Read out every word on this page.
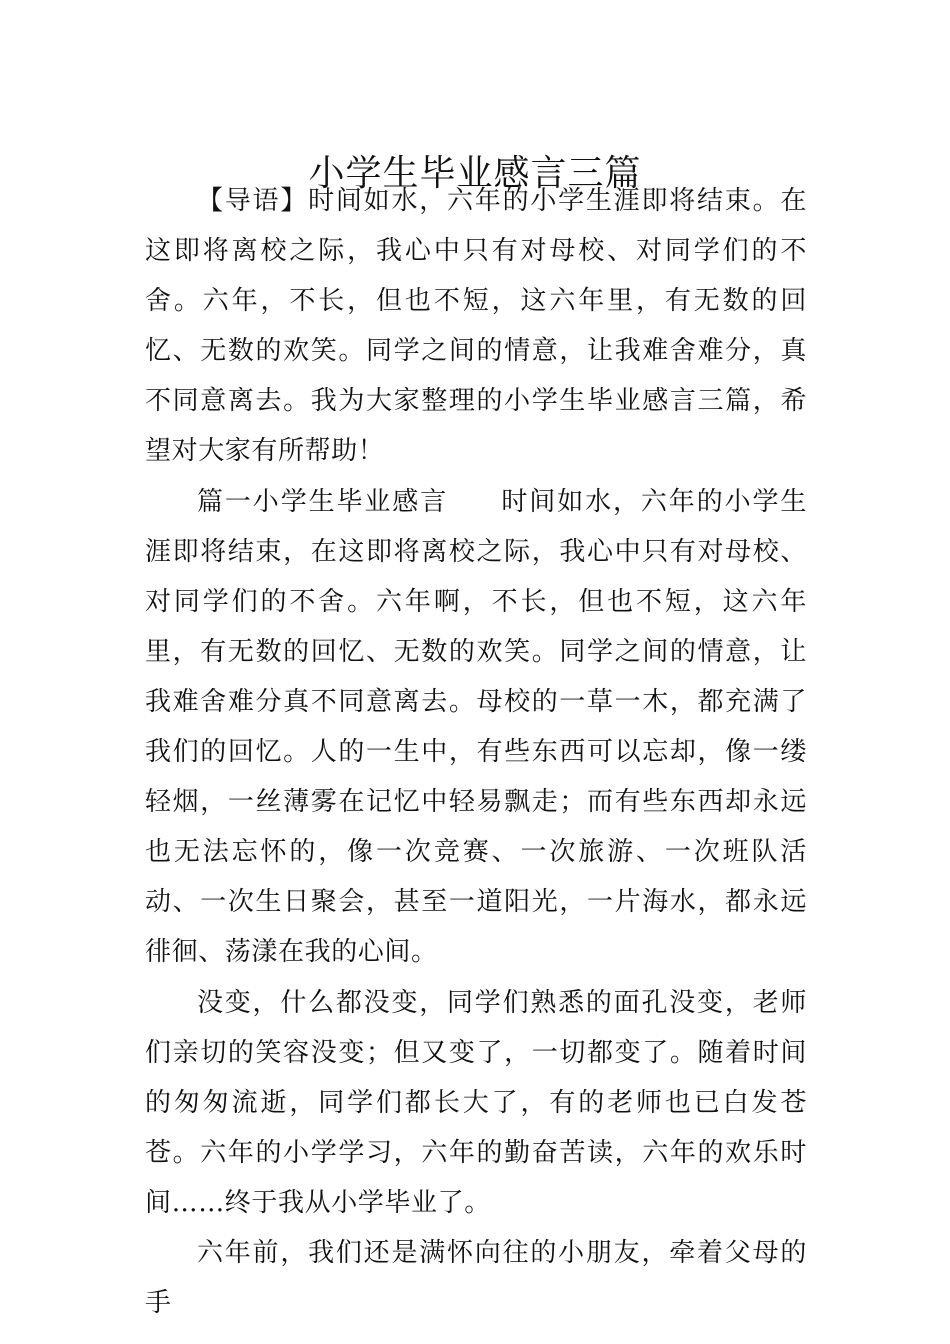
小学生毕业感言三篇

【导语】时间如水，六年的小学生涯即将结束。在这即将离校之际，我心中只有对母校、对同学们的不舍。六年，不长，但也不短，这六年里，有无数的回忆、无数的欢笑。同学之间的情意，让我难舍难分，真不同意离去。我为大家整理的小学生毕业感言三篇，希望对大家有所帮助！

篇一小学生毕业感言 时间如水，六年的小学生涯即将结束，在这即将离校之际，我心中只有对母校、对同学们的不舍。六年啊，不长，但也不短，这六年里，有无数的回忆、无数的欢笑。同学之间的情意，让我难舍难分真不同意离去。母校的一草一木，都充满了我们的回忆。人的一生中，有些东西可以忘却，像一缕轻烟，一丝薄雾在记忆中轻易飘走；而有些东西却永远也无法忘怀的，像一次竞赛、一次旅游、一次班队活动、一次生日聚会，甚至一道阳光，一片海水，都永远徘徊、荡漾在我的心间。

没变，什么都没变，同学们熟悉的面孔没变，老师们亲切的笑容没变；但又变了，一切都变了。随着时间的匆匆流逝，同学们都长大了，有的老师也已白发苍苍。六年的小学学习，六年的勤奋苦读，六年的欢乐时间……终于我从小学毕业了。

六年前，我们还是满怀向往的小朋友，牵着父母的手
